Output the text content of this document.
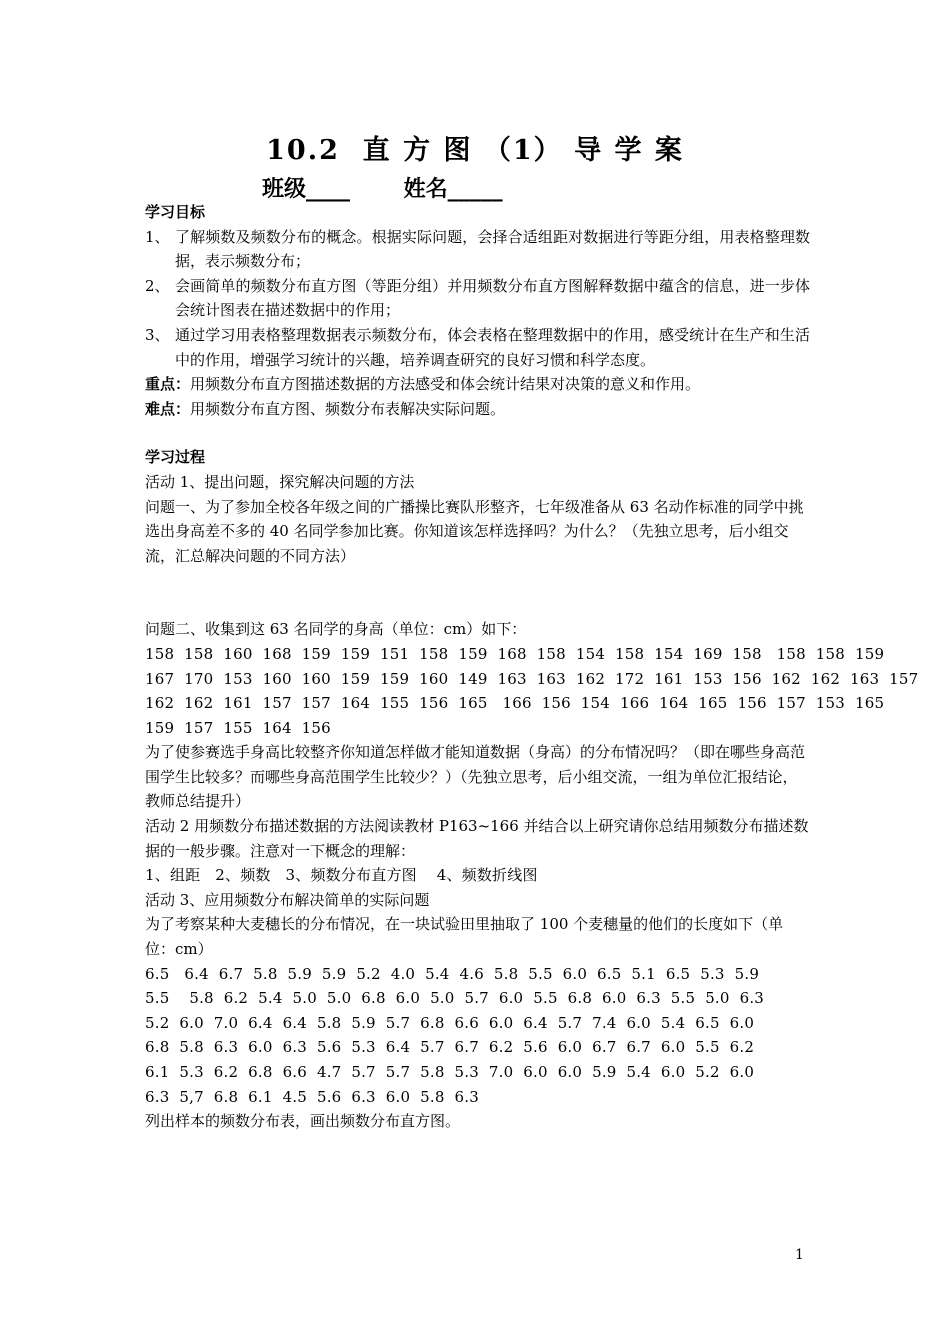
10.2  直 方 图 （1） 导 学 案
班级____       姓名_____
学习目标
1、 了解频数及频数分布的概念。根据实际问题，会择合适组距对数据进行等距分组，用表格整理数据，表示频数分布；
2、 会画简单的频数分布直方图（等距分组）并用频数分布直方图解释数据中蕴含的信息，进一步体会统计图表在描述数据中的作用；
3、 通过学习用表格整理数据表示频数分布，体会表格在整理数据中的作用，感受统计在生产和生活中的作用，增强学习统计的兴趣，培养调查研究的良好习惯和科学态度。
重点：用频数分布直方图描述数据的方法感受和体会统计结果对决策的意义和作用。
难点：用频数分布直方图、频数分布表解决实际问题。
学习过程
活动 1、提出问题，探究解决问题的方法
问题一、为了参加全校各年级之间的广播操比赛队形整齐，七年级准备从 63 名动作标准的同学中挑选出身高差不多的 40 名同学参加比赛。你知道该怎样选择吗？为什么？（先独立思考，后小组交流，汇总解决问题的不同方法）
问题二、收集到这 63 名同学的身高（单位：cm）如下：
158  158  160  168  159  159  151  158  159  168  158  154  158  154  169  158   158  158  159
167  170  153  160  160  159  159  160  149  163  163  162  172  161  153  156  162  162  163  157
162  162  161  157  157  164  155  156  165   166  156  154  166  164  165  156  157  153  165
159  157  155  164  156
为了使参赛选手身高比较整齐你知道怎样做才能知道数据（身高）的分布情况吗？（即在哪些身高范围学生比较多？而哪些身高范围学生比较少？）（先独立思考，后小组交流，一组为单位汇报结论，教师总结提升）
活动 2 用频数分布描述数据的方法阅读教材 P163~166 并结合以上研究请你总结用频数分布描述数据的一般步骤。注意对一下概念的理解：
1、组距   2、频数   3、频数分布直方图    4、频数折线图
活动 3、应用频数分布解决简单的实际问题
为了考察某种大麦穗长的分布情况，在一块试验田里抽取了 100 个麦穗量的他们的长度如下（单位：cm）
6.5   6.4  6.7  5.8  5.9  5.9  5.2  4.0  5.4  4.6  5.8  5.5  6.0  6.5  5.1  6.5  5.3  5.9
5.5    5.8  6.2  5.4  5.0  5.0  6.8  6.0  5.0  5.7  6.0  5.5  6.8  6.0  6.3  5.5  5.0  6.3
5.2  6.0  7.0  6.4  6.4  5.8  5.9  5.7  6.8  6.6  6.0  6.4  5.7  7.4  6.0  5.4  6.5  6.0
6.8  5.8  6.3  6.0  6.3  5.6  5.3  6.4  5.7  6.7  6.2  5.6  6.0  6.7  6.7  6.0  5.5  6.2
6.1  5.3  6.2  6.8  6.6  4.7  5.7  5.7  5.8  5.3  7.0  6.0  6.0  5.9  5.4  6.0  5.2  6.0
6.3  5,7  6.8  6.1  4.5  5.6  6.3  6.0  5.8  6.3
列出样本的频数分布表，画出频数分布直方图。
1
